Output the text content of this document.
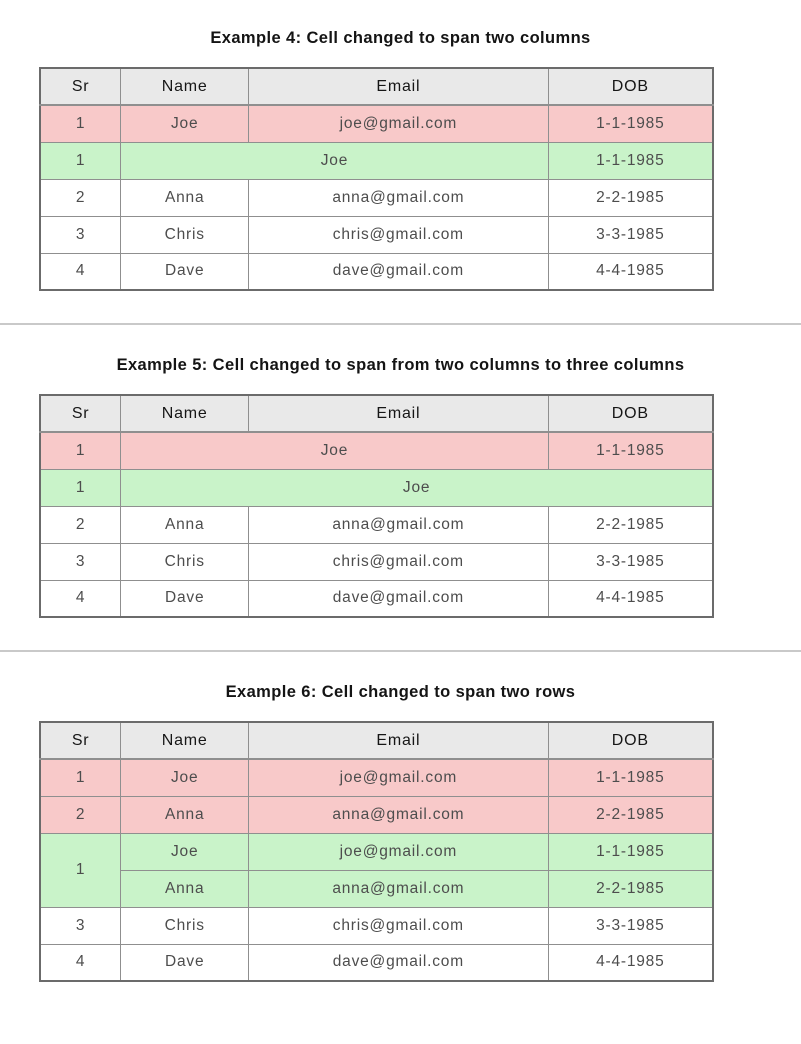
Example 4: Cell changed to span two columns
Sr	Name	Email	DOB
1	Joe	joe@gmail.com	1-1-1985
1	Joe		1-1-1985
2	Anna	anna@gmail.com	2-2-1985
3	Chris	chris@gmail.com	3-3-1985
4	Dave	dave@gmail.com	4-4-1985
Example 5: Cell changed to span from two columns to three columns
Sr	Name	Email	DOB
1	Joe		1-1-1985
1	Joe		
2	Anna	anna@gmail.com	2-2-1985
3	Chris	chris@gmail.com	3-3-1985
4	Dave	dave@gmail.com	4-4-1985
Example 6: Cell changed to span two rows
Sr	Name	Email	DOB
1	Joe	joe@gmail.com	1-1-1985
2	Anna	anna@gmail.com	2-2-1985
1	Joe	joe@gmail.com	1-1-1985
	Anna	anna@gmail.com	2-2-1985
3	Chris	chris@gmail.com	3-3-1985
4	Dave	dave@gmail.com	4-4-1985
